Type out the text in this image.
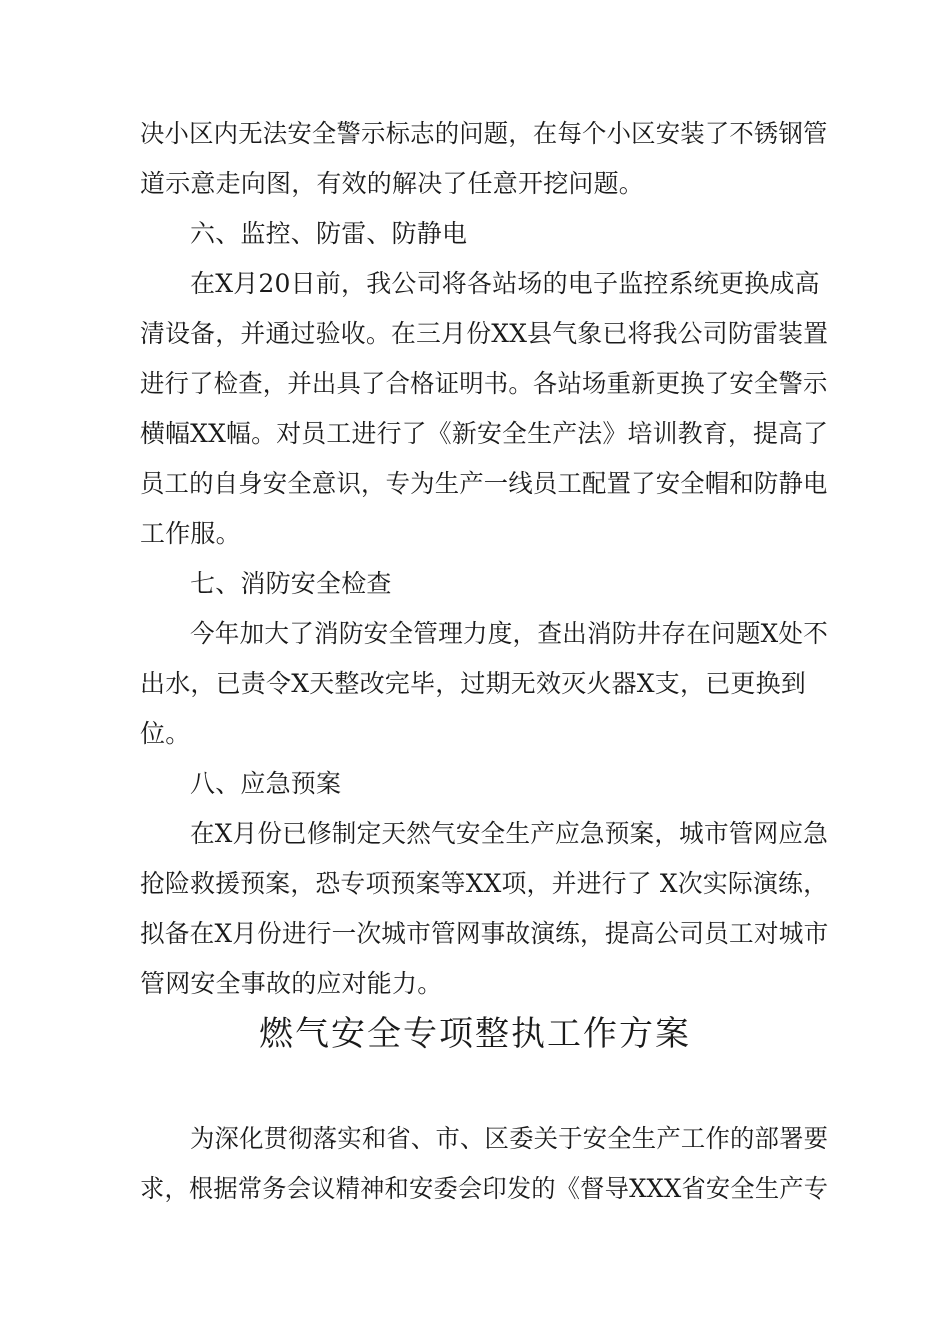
决小区内无法安全警示标志的问题，在每个小区安装了不锈钢管
道示意走向图，有效的解决了任意开挖问题。
六、监控、防雷、防静电
在X月20日前，我公司将各站场的电子监控系统更换成高
清设备，并通过验收。在三月份XX县气象已将我公司防雷装置
进行了检查，并出具了合格证明书。各站场重新更换了安全警示
横幅XX幅。对员工进行了《新安全生产法》培训教育，提高了
员工的自身安全意识，专为生产一线员工配置了安全帽和防静电
工作服。
七、消防安全检查
今年加大了消防安全管理力度，查出消防井存在问题X处不
出水，已责令X天整改完毕，过期无效灭火器X支，已更换到
位。
八、应急预案
在X月份已修制定天然气安全生产应急预案，城市管网应急
抢险救援预案，恐专项预案等XX项，并进行了 X次实际演练，
拟备在X月份进行一次城市管网事故演练，提高公司员工对城市
管网安全事故的应对能力。
燃气安全专项整执工作方案
为深化贯彻落实和省、市、区委关于安全生产工作的部署要
求，根据常务会议精神和安委会印发的《督导XXX省安全生产专
